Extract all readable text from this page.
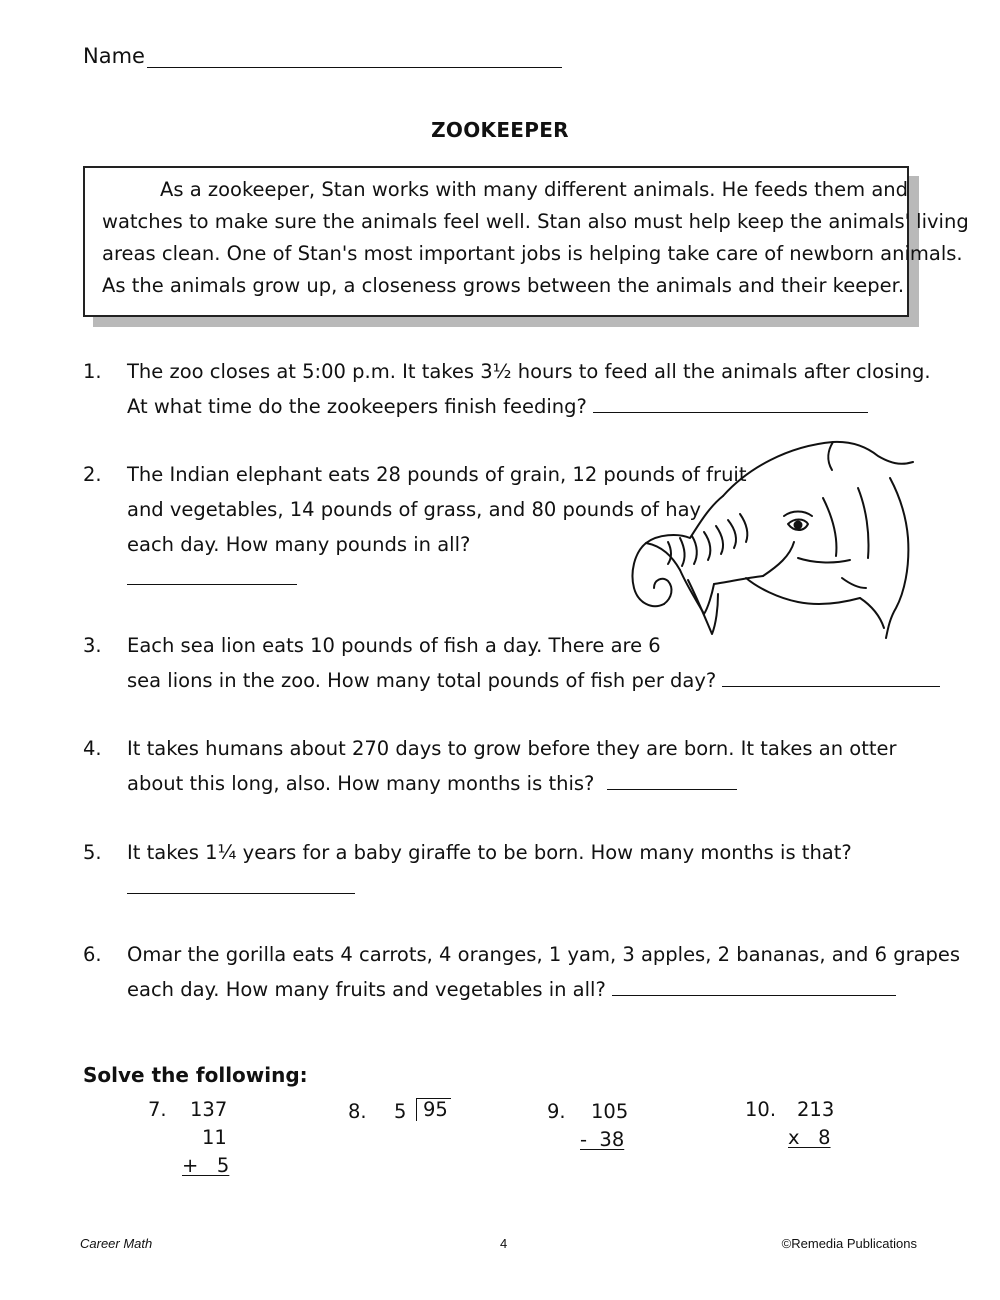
Name
ZOOKEEPER
As a zookeeper, Stan works with many different animals. He feeds them and
watches to make sure the animals feel well. Stan also must help keep the animals' living
areas clean. One of Stan's most important jobs is helping take care of newborn animals.
As the animals grow up, a closeness grows between the animals and their keeper.
1. The zoo closes at 5:00 p.m. It takes 3½ hours to feed all the animals after closing.
At what time do the zookeepers finish feeding?
2. The Indian elephant eats 28 pounds of grain, 12 pounds of fruit
and vegetables, 14 pounds of grass, and 80 pounds of hay
each day. How many pounds in all?
3. Each sea lion eats 10 pounds of fish a day. There are 6
sea lions in the zoo. How many total pounds of fish per day?
4. It takes humans about 270 days to grow before they are born. It takes an otter
about this long, also. How many months is this?
5. It takes 1¼ years for a baby giraffe to be born. How many months is that?
6. Omar the gorilla eats 4 carrots, 4 oranges, 1 yam, 3 apples, 2 bananas, and 6 grapes
each day. How many fruits and vegetables in all?
Solve the following:
7. 137
11
+   5
8. 5 95	9. 105
-  38
10. 213
x   8
Career Math	4	©Remedia Publications
